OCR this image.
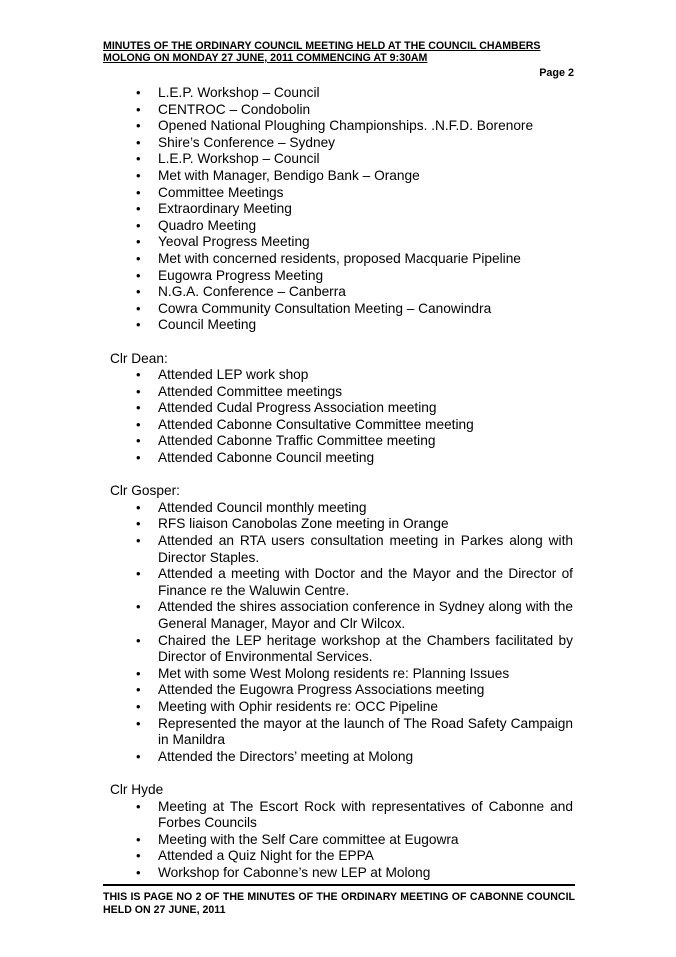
MINUTES OF THE ORDINARY COUNCIL MEETING HELD AT THE COUNCIL CHAMBERS MOLONG ON MONDAY 27 JUNE, 2011 COMMENCING AT 9:30AM
Page 2
• L.E.P. Workshop – Council
• CENTROC – Condobolin
• Opened National Ploughing Championships. .N.F.D. Borenore
• Shire’s Conference – Sydney
• L.E.P. Workshop – Council
• Met with Manager, Bendigo Bank – Orange
• Committee Meetings
• Extraordinary Meeting
• Quadro Meeting
• Yeoval Progress Meeting
• Met with concerned residents, proposed Macquarie Pipeline
• Eugowra Progress Meeting
• N.G.A. Conference – Canberra
• Cowra Community Consultation Meeting – Canowindra
• Council Meeting
Clr Dean:
• Attended LEP work shop
• Attended Committee meetings
• Attended Cudal Progress Association meeting
• Attended Cabonne Consultative Committee meeting
• Attended Cabonne Traffic Committee meeting
• Attended Cabonne Council meeting
Clr Gosper:
• Attended Council monthly meeting
• RFS liaison Canobolas Zone meeting in Orange
• Attended an RTA users consultation meeting in Parkes along with Director Staples.
• Attended a meeting with Doctor and the Mayor and the Director of Finance re the Waluwin Centre.
• Attended the shires association conference in Sydney along with the General Manager, Mayor and Clr Wilcox.
• Chaired the LEP heritage workshop at the Chambers facilitated by Director of Environmental Services.
• Met with some West Molong residents re: Planning Issues
• Attended the Eugowra Progress Associations meeting
• Meeting with Ophir residents re: OCC Pipeline
• Represented the mayor at the launch of The Road Safety Campaign in Manildra
• Attended the Directors’ meeting at Molong
Clr Hyde
• Meeting at The Escort Rock with representatives of Cabonne and Forbes Councils
• Meeting with the Self Care committee at Eugowra
• Attended a Quiz Night for the EPPA
• Workshop for Cabonne’s new LEP at Molong
THIS IS PAGE NO 2 OF THE MINUTES OF THE ORDINARY MEETING OF CABONNE COUNCIL HELD ON 27 JUNE, 2011
